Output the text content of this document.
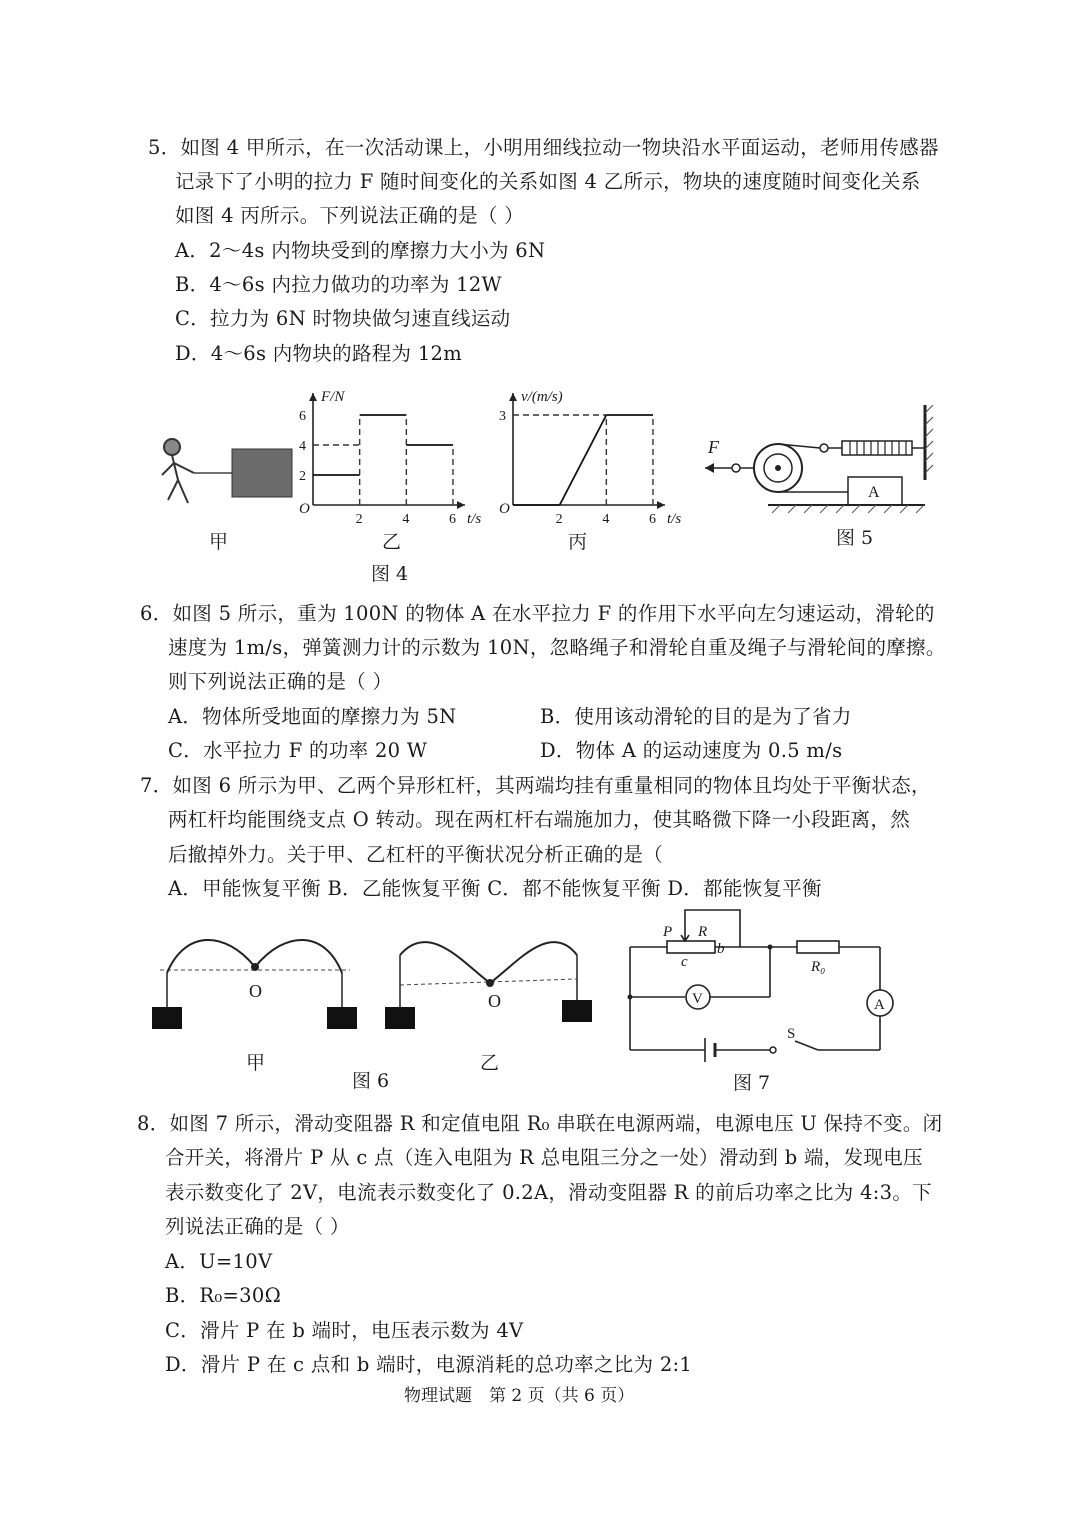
5．如图 4 甲所示，在一次活动课上，小明用细线拉动一物块沿水平面运动，老师用传感器
记录下了小明的拉力 F 随时间变化的关系如图 4 乙所示，物块的速度随时间变化关系
如图 4 丙所示。下列说法正确的是（ ）
A．2～4s 内物块受到的摩擦力大小为 6N
B．4～6s 内拉力做功的功率为 12W
C．拉力为 6N 时物块做匀速直线运动
D．4～6s 内物块的路程为 12m
O
F/N
t/s
2	4	6
2
4
6
O
v/(m/s)
t/s
2	4	6
3
甲	乙	丙
图 4
F
A
图 5
6．如图 5 所示，重为 100N 的物体 A 在水平拉力 F 的作用下水平向左匀速运动，滑轮的
速度为 1m/s，弹簧测力计的示数为 10N，忽略绳子和滑轮自重及绳子与滑轮间的摩擦。
则下列说法正确的是（ ）
A．物体所受地面的摩擦力为 5N	B．使用该动滑轮的目的是为了省力
C．水平拉力 F 的功率 20 W	D．物体 A 的运动速度为 0.5 m/s
7．如图 6 所示为甲、乙两个异形杠杆，其两端均挂有重量相同的物体且均处于平衡状态，
两杠杆均能围绕支点 O 转动。现在两杠杆右端施加力，使其略微下降一小段距离，然
后撤掉外力。关于甲、乙杠杆的平衡状况分析正确的是（
A．甲能恢复平衡 B．乙能恢复平衡 C．都不能恢复平衡 D．都能恢复平衡
O	O
甲	乙
图 6
V	A
P R
b
c	R₀
S
图 7
8．如图 7 所示，滑动变阻器 R 和定值电阻 R₀ 串联在电源两端，电源电压 U 保持不变。闭
合开关，将滑片 P 从 c 点（连入电阻为 R 总电阻三分之一处）滑动到 b 端，发现电压
表示数变化了 2V，电流表示数变化了 0.2A，滑动变阻器 R 的前后功率之比为 4:3。下
列说法正确的是（ ）
A．U=10V
B．R₀=30Ω
C．滑片 P 在 b 端时，电压表示数为 4V
D．滑片 P 在 c 点和 b 端时，电源消耗的总功率之比为 2:1
物理试题　第 2 页（共 6 页）
